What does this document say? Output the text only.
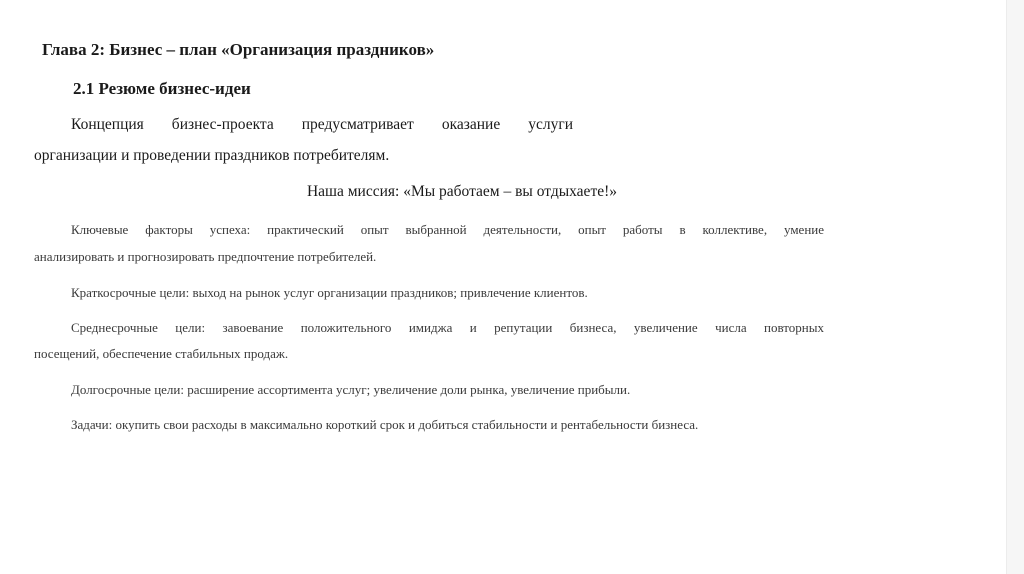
Глава 2: Бизнес – план «Организация праздников»
2.1 Резюме бизнес-идеи
Концепция бизнес-проекта предусматривает оказание услуги
организации и проведении праздников потребителям.
Наша миссия: «Мы работаем – вы отдыхаете!»
Ключевые факторы успеха: практический опыт выбранной деятельности, опыт работы в коллективе, умение
анализировать и прогнозировать предпочтение потребителей.
Краткосрочные цели: выход на рынок услуг организации праздников; привлечение клиентов.
Среднесрочные цели: завоевание положительного имиджа и репутации бизнеса, увеличение числа повторных
посещений, обеспечение стабильных продаж.
Долгосрочные цели: расширение ассортимента услуг; увеличение доли рынка, увеличение прибыли.
Задачи: окупить свои расходы в максимально короткий срок и добиться стабильности и рентабельности бизнеса.
